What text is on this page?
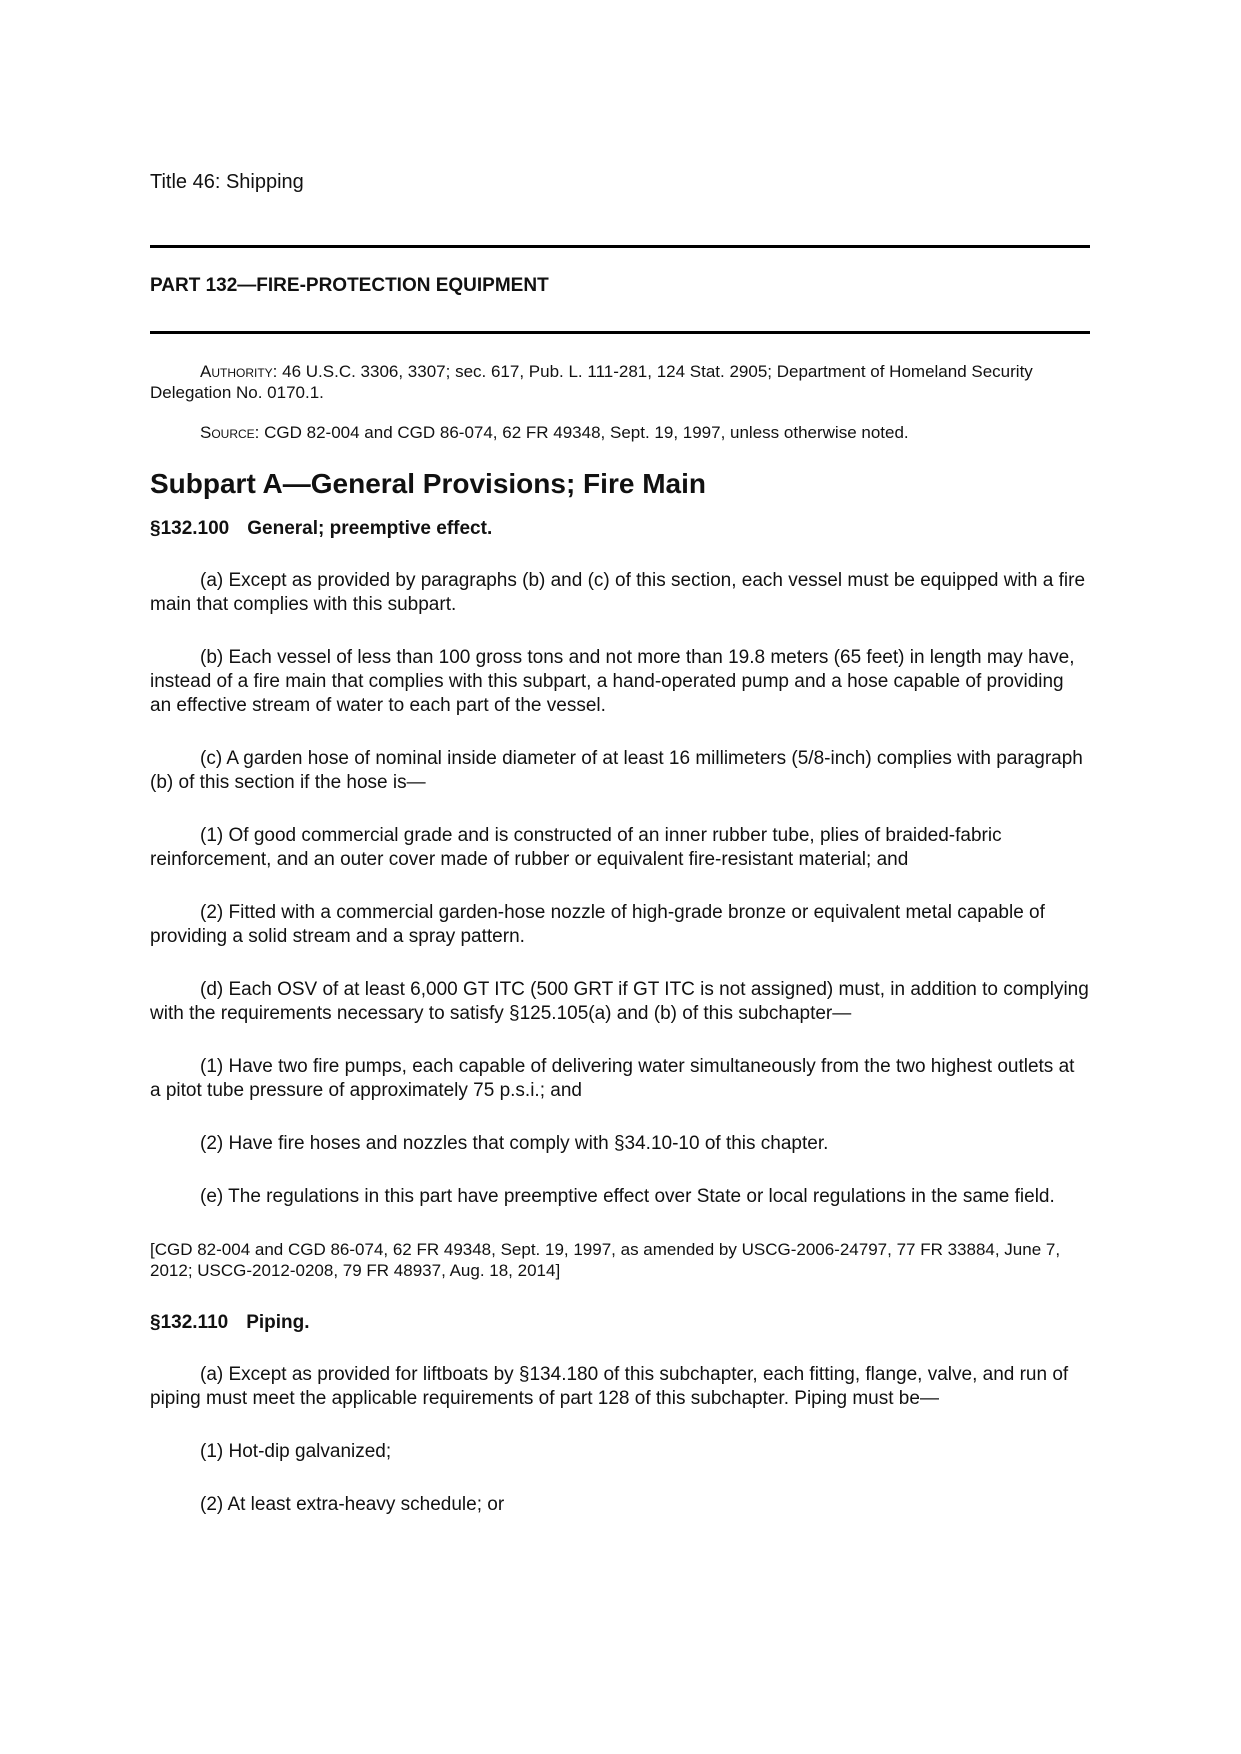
Title 46: Shipping

PART 132—FIRE-PROTECTION EQUIPMENT

Authority: 46 U.S.C. 3306, 3307; sec. 617, Pub. L. 111-281, 124 Stat. 2905; Department of Homeland Security Delegation No. 0170.1.

Source: CGD 82-004 and CGD 86-074, 62 FR 49348, Sept. 19, 1997, unless otherwise noted.

Subpart A—General Provisions; Fire Main
§132.100 General; preemptive effect.

(a) Except as provided by paragraphs (b) and (c) of this section, each vessel must be equipped with a fire main that complies with this subpart.

(b) Each vessel of less than 100 gross tons and not more than 19.8 meters (65 feet) in length may have, instead of a fire main that complies with this subpart, a hand-operated pump and a hose capable of providing an effective stream of water to each part of the vessel.

(c) A garden hose of nominal inside diameter of at least 16 millimeters (5/8-inch) complies with paragraph (b) of this section if the hose is—

(1) Of good commercial grade and is constructed of an inner rubber tube, plies of braided-fabric reinforcement, and an outer cover made of rubber or equivalent fire-resistant material; and

(2) Fitted with a commercial garden-hose nozzle of high-grade bronze or equivalent metal capable of providing a solid stream and a spray pattern.

(d) Each OSV of at least 6,000 GT ITC (500 GRT if GT ITC is not assigned) must, in addition to complying with the requirements necessary to satisfy §125.105(a) and (b) of this subchapter—

(1) Have two fire pumps, each capable of delivering water simultaneously from the two highest outlets at a pitot tube pressure of approximately 75 p.s.i.; and

(2) Have fire hoses and nozzles that comply with §34.10-10 of this chapter.

(e) The regulations in this part have preemptive effect over State or local regulations in the same field.

[CGD 82-004 and CGD 86-074, 62 FR 49348, Sept. 19, 1997, as amended by USCG-2006-24797, 77 FR 33884, June 7, 2012; USCG-2012-0208, 79 FR 48937, Aug. 18, 2014]

§132.110 Piping.

(a) Except as provided for liftboats by §134.180 of this subchapter, each fitting, flange, valve, and run of piping must meet the applicable requirements of part 128 of this subchapter. Piping must be—

(1) Hot-dip galvanized;

(2) At least extra-heavy schedule; or
